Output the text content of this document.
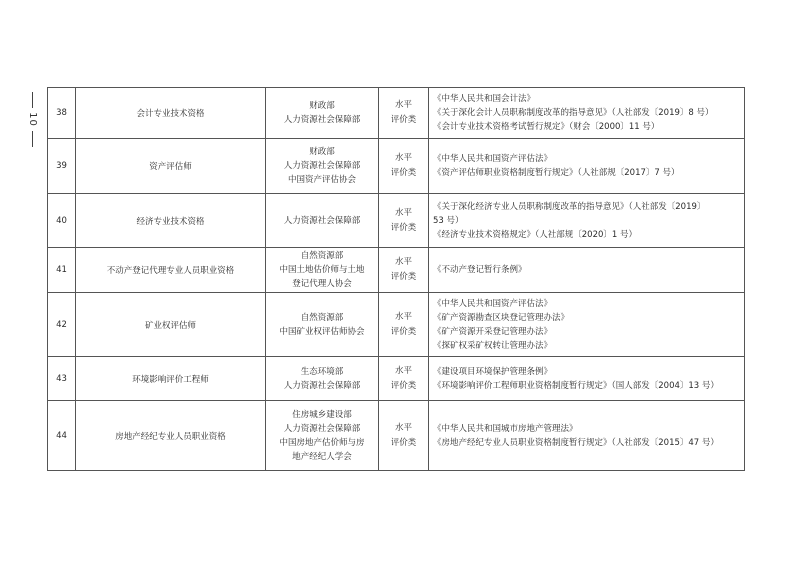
10 38	会计专业技术资格	财政部
人力资源社会保障部	水平
评价类	《中华人民共和国会计法》
《关于深化会计人员职称制度改革的指导意见》（人社部发〔2019〕8 号）
《会计专业技术资格考试暂行规定》（财会〔2000〕11 号）

39	资产评估师	财政部
人力资源社会保障部
中国资产评估协会	水平
评价类	《中华人民共和国资产评估法》
《资产评估师职业资格制度暂行规定》（人社部规〔2017〕7 号）

40	经济专业技术资格	人力资源社会保障部	水平
评价类	《关于深化经济专业人员职称制度改革的指导意见》（人社部发〔2019〕
53 号）
《经济专业技术资格规定》（人社部规〔2020〕1 号）

41	不动产登记代理专业人员职业资格	自然资源部
中国土地估价师与土地
登记代理人协会	水平
评价类	《不动产登记暂行条例》

42	矿业权评估师	自然资源部
中国矿业权评估师协会	水平
评价类	《中华人民共和国资产评估法》
《矿产资源勘查区块登记管理办法》
《矿产资源开采登记管理办法》
《探矿权采矿权转让管理办法》

43	环境影响评价工程师	生态环境部
人力资源社会保障部	水平
评价类	《建设项目环境保护管理条例》
《环境影响评价工程师职业资格制度暂行规定》（国人部发〔2004〕13 号）

44	房地产经纪专业人员职业资格	住房城乡建设部
人力资源社会保障部
中国房地产估价师与房
地产经纪人学会	水平
评价类	《中华人民共和国城市房地产管理法》
《房地产经纪专业人员职业资格制度暂行规定》（人社部发〔2015〕47 号）
